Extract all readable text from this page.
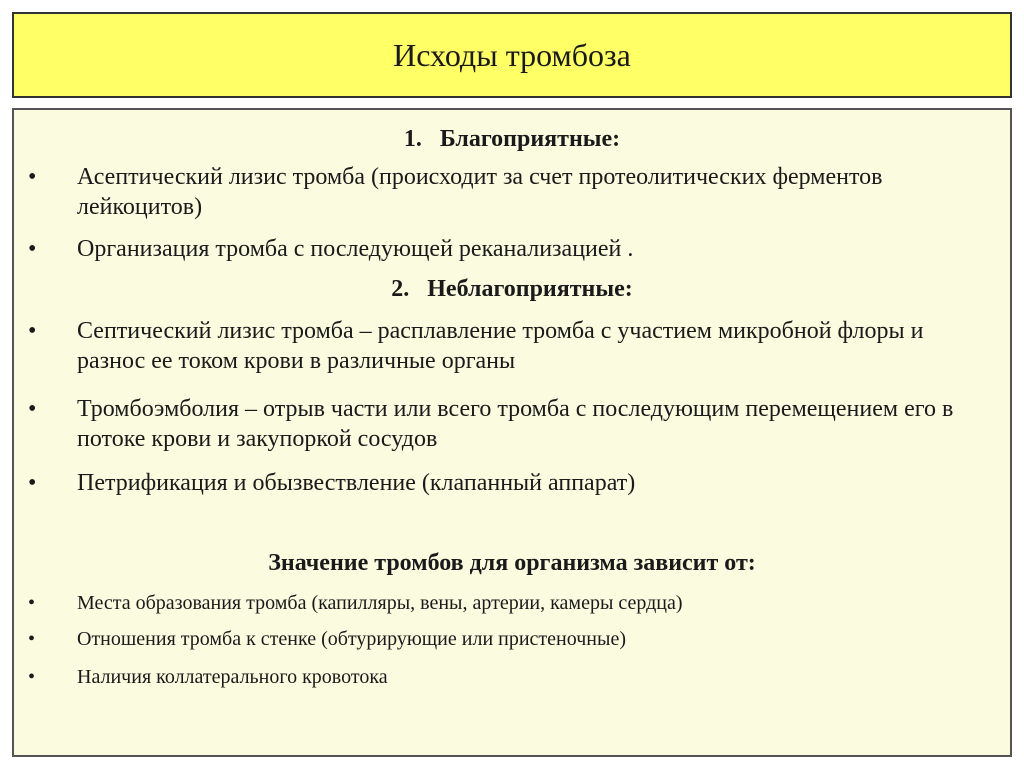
Исходы тромбоза
1. Благоприятные:
•	Асептический лизис тромба (происходит за счет протеолитических ферментов лейкоцитов)
•	Организация тромба с последующей реканализацией .
2. Неблагоприятные:
•	Септический лизис тромба – расплавление тромба с участием микробной флоры и разнос ее током крови в различные органы
•	Тромбоэмболия – отрыв части или всего тромба с последующим перемещением его в потоке крови и закупоркой сосудов
•	Петрификация и обызвествление (клапанный аппарат)
Значение тромбов для организма зависит от:
•	Места образования тромба (капилляры, вены, артерии, камеры сердца)
•	Отношения тромба к стенке (обтурирующие или пристеночные)
•	Наличия коллатерального кровотока
